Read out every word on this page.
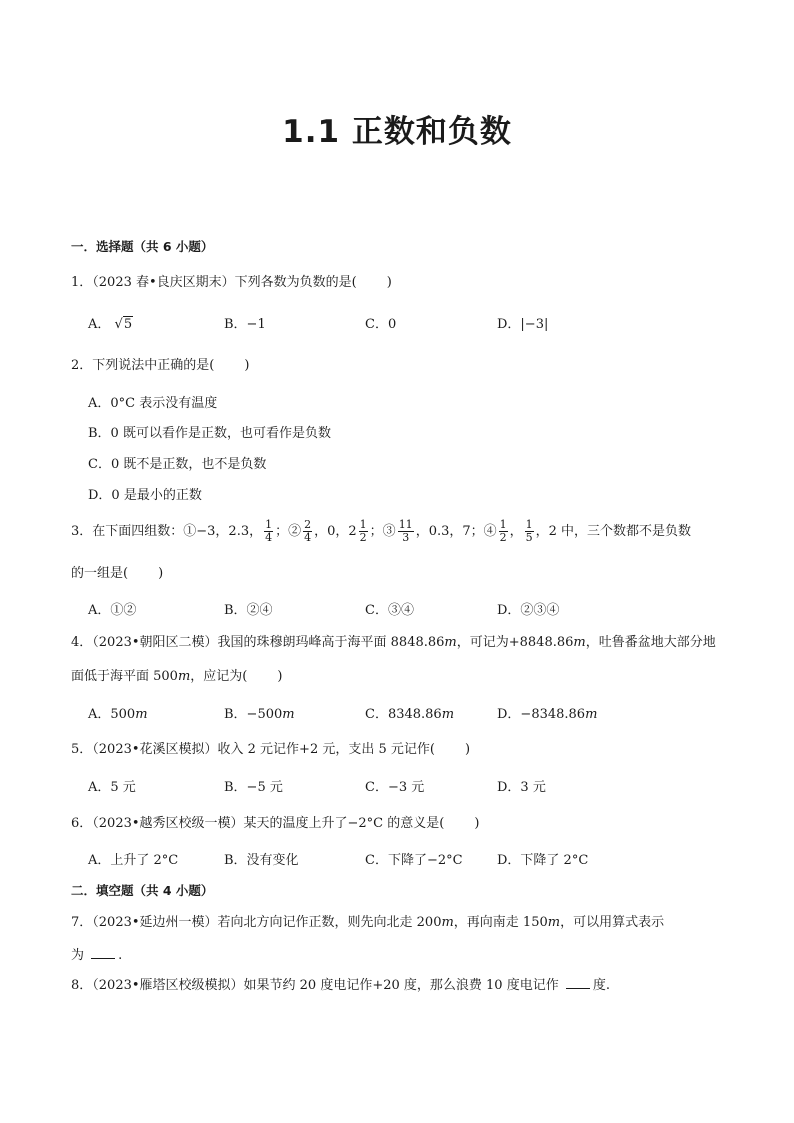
1.1 正数和负数
一．选择题（共 6 小题）
1．（2023 春•良庆区期末）下列各数为负数的是( )
A． √5	B．−1	C．0	D．|−3|
2．下列说法中正确的是( )
A．0°C 表示没有温度
B．0 既可以看作是正数，也可看作是负数
C．0 既不是正数，也不是负数
D．0 是最小的正数
3．在下面四组数：①−3，2.3， $\frac{1}{4}$ ；② $\frac{2}{4}$ ，0，$2 \frac{1}{2}$ ；③ $\frac{11}{3}$ ，0.3，7；④ $\frac{1}{2}$ ， $\frac{1}{5}$ ，2 中，三个数都不是负数
的一组是( )
A．①②	B．②④	C．③④	D．②③④
4．（2023•朝阳区二模）我国的珠穆朗玛峰高于海平面 8848.86m，可记为+8848.86m，吐鲁番盆地大部分地
面低于海平面 500m，应记为( )
A．500m	B．−500m	C．8348.86m	D．−8348.86m
5．（2023•花溪区模拟）收入 2 元记作+2 元，支出 5 元记作( )
A．5 元	B．−5 元	C．−3 元	D．3 元
6．（2023•越秀区校级一模）某天的温度上升了−2°C 的意义是( )
A．上升了 2°C	B．没有变化	C．下降了−2°C	D．下降了 2°C
二．填空题（共 4 小题）
7．（2023•延边州一模）若向北方向记作正数，则先向北走 200m，再向南走 150m，可以用算式表示
为	.
8．（2023•雁塔区校级模拟）如果节约 20 度电记作+20 度，那么浪费 10 度电记作	度.
